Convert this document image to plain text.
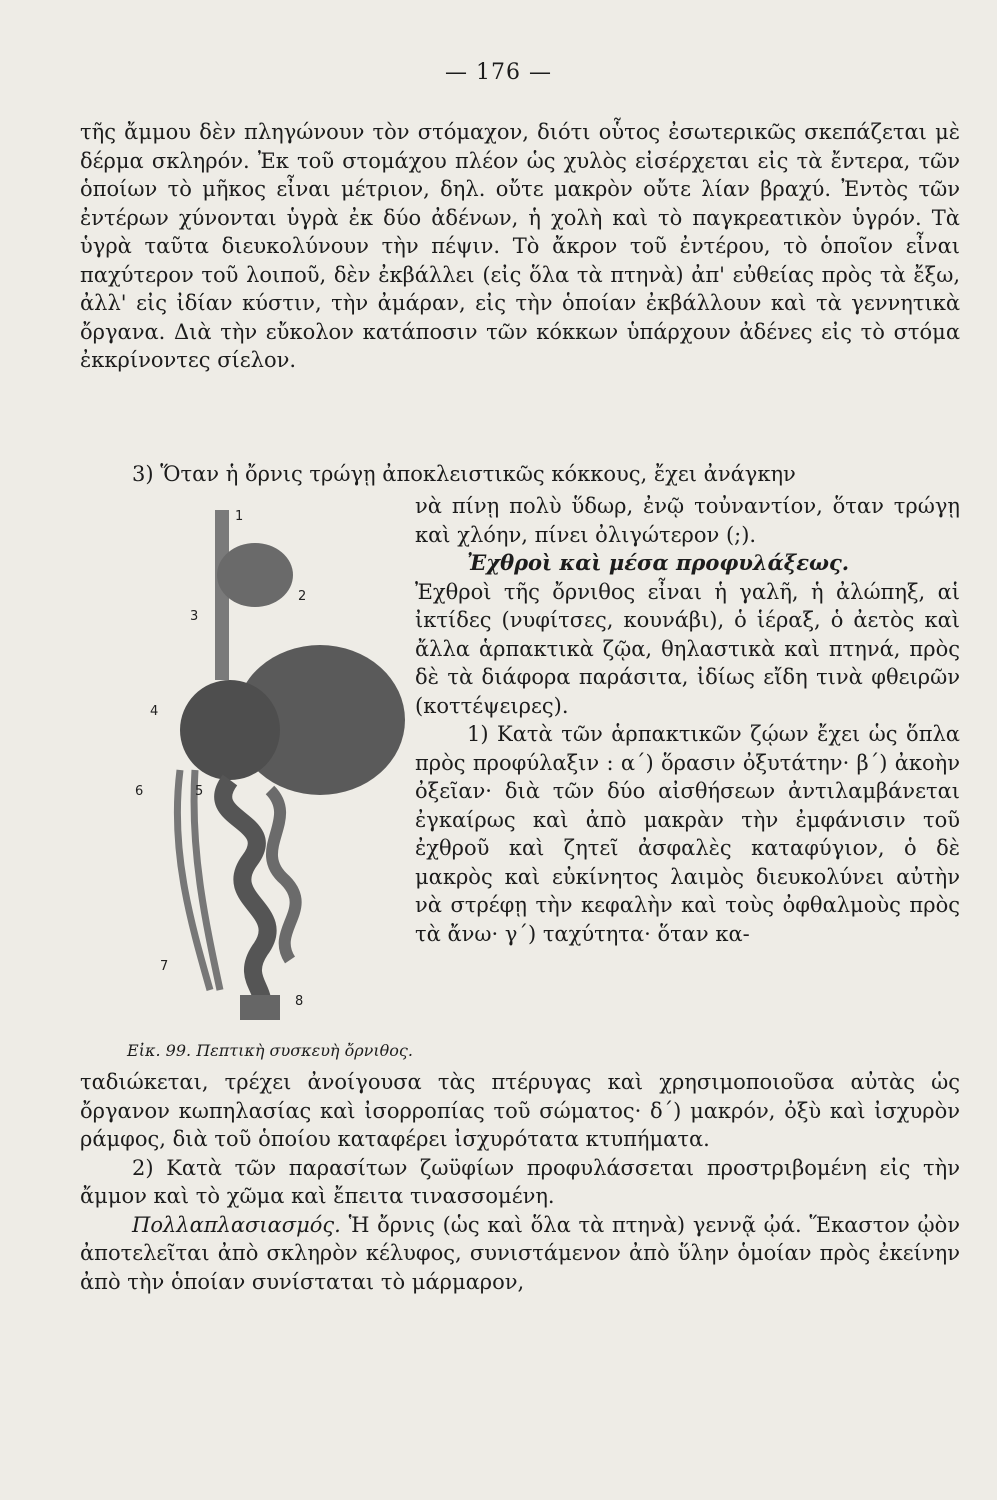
— 176 —

τῆς ἄμμου δὲν πληγώνουν τὸν στόμαχον, διότι οὗτος ἐσωτερικῶς σκεπάζεται μὲ δέρμα σκληρόν. Ἐκ τοῦ στομάχου πλέον ὡς χυλὸς εἰσέρχεται εἰς τὰ ἔντερα, τῶν ὁποίων τὸ μῆκος εἶναι μέτριον, δηλ. οὔτε μακρὸν οὔτε λίαν βραχύ. Ἐντὸς τῶν ἐντέρων χύνονται ὑγρὰ ἐκ δύο ἀδένων, ἡ χολὴ καὶ τὸ παγκρεατικὸν ὑγρόν. Τὰ ὑγρὰ ταῦτα διευκολύνουν τὴν πέψιν. Τὸ ἄκρον τοῦ ἐντέρου, τὸ ὁποῖον εἶναι παχύτερον τοῦ λοιποῦ, δὲν ἐκβάλλει (εἰς ὅλα τὰ πτηνὰ) ἀπ' εὐθείας πρὸς τὰ ἔξω, ἀλλ' εἰς ἰδίαν κύστιν, τὴν ἀμάραν, εἰς τὴν ὁποίαν ἐκβάλλουν καὶ τὰ γεννητικὰ ὄργανα. Διὰ τὴν εὔκολον κατάποσιν τῶν κόκκων ὑπάρχουν ἀδένες εἰς τὸ στόμα ἐκκρίνοντες σίελον.

3) Ὅταν ἡ ὄρνις τρώγῃ ἀποκλειστικῶς κόκκους, ἔχει ἀνάγκην
1
2
3
4
5
6
7
8
Εἰκ. 99. Πεπτικὴ συσκευὴ ὄρνιθος.

νὰ πίνῃ πολὺ ὕδωρ, ἐνῷ τοὐναντίον, ὅταν τρώγῃ καὶ χλόην, πίνει ὀλιγώτερον (;).

Ἐχθροὶ καὶ μέσα προφυλάξεως.

Ἐχθροὶ τῆς ὄρνιθος εἶναι ἡ γαλῆ, ἡ ἀλώπηξ, αἱ ἰκτίδες (νυφίτσες, κουνάβι), ὁ ἱέραξ, ὁ ἀετὸς καὶ ἄλλα ἁρπακτικὰ ζῷα, θηλαστικὰ καὶ πτηνά, πρὸς δὲ τὰ διάφορα παράσιτα, ἰδίως εἴδη τινὰ φθειρῶν (κοττέψειρες).

1) Κατὰ τῶν ἁρπακτικῶν ζῴων ἔχει ὡς ὅπλα πρὸς προφύλαξιν : α΄) ὅρασιν ὀξυτάτην· β΄) ἀκοὴν ὀξεῖαν· διὰ τῶν δύο αἰσθήσεων ἀντιλαμβάνεται ἐγκαίρως καὶ ἀπὸ μακρὰν τὴν ἐμφάνισιν τοῦ ἐχθροῦ καὶ ζητεῖ ἀσφαλὲς καταφύγιον, ὁ δὲ μακρὸς καὶ εὐκίνητος λαιμὸς διευκολύνει αὐτὴν νὰ στρέφῃ τὴν κεφαλὴν καὶ τοὺς ὀφθαλμοὺς πρὸς τὰ ἄνω· γ΄) ταχύτητα· ὅταν κα-

ταδιώκεται, τρέχει ἀνοίγουσα τὰς πτέρυγας καὶ χρησιμοποιοῦσα αὐτὰς ὡς ὄργανον κωπηλασίας καὶ ἰσορροπίας τοῦ σώματος· δ΄) μακρόν, ὀξὺ καὶ ἰσχυρὸν ράμφος, διὰ τοῦ ὁποίου καταφέρει ἰσχυρότατα κτυπήματα.

2) Κατὰ τῶν παρασίτων ζωϋφίων προφυλάσσεται προστριβομένη εἰς τὴν ἄμμον καὶ τὸ χῶμα καὶ ἔπειτα τινασσομένη.

Πολλαπλασιασμός. Ἡ ὄρνις (ὡς καὶ ὅλα τὰ πτηνὰ) γεννᾷ ᾠά. Ἕκαστον ᾠὸν ἀποτελεῖται ἀπὸ σκληρὸν κέλυφος, συνιστάμενον ἀπὸ ὕλην ὁμοίαν πρὸς ἐκείνην ἀπὸ τὴν ὁποίαν συνίσταται τὸ μάρμαρον,
